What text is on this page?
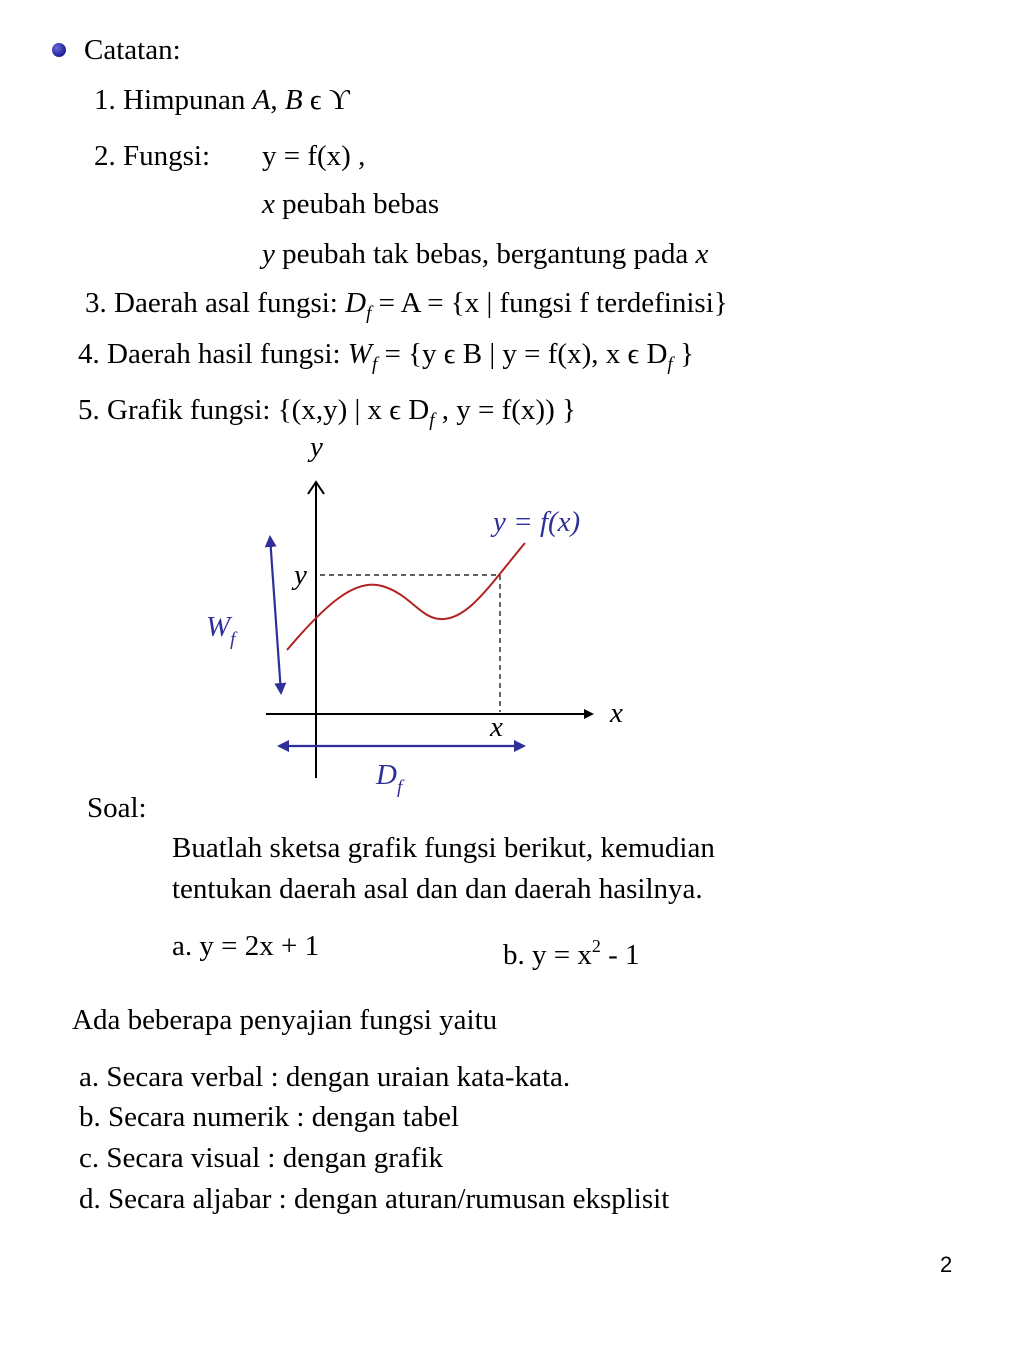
Catatan:
1. Himpunan A, B ϵ ϒ
2. Fungsi: y = f(x) ,
x peubah bebas
y peubah tak bebas, bergantung pada x
3. Daerah asal fungsi: $D_f = A = \{x$ | fungsi f terdefinisi}
4. Daerah hasil fungsi: $W_f = \{y$ ϵ B | y = f(x), x ϵ $D_f$ }
5. Grafik fungsi: {(x,y) | x ϵ $D_f$ , y = f(x)) }
y
x
y
x
y = f(x)
Wf
Df
Soal:
Buatlah sketsa grafik fungsi berikut, kemudian
tentukan daerah asal dan dan daerah hasilnya.
a. y = 2x + 1	b. $y = x^2 - 1$
Ada beberapa penyajian fungsi yaitu
a. Secara verbal : dengan uraian kata-kata.
b. Secara numerik : dengan tabel
c. Secara visual : dengan grafik
d. Secara aljabar : dengan aturan/rumusan eksplisit
2
